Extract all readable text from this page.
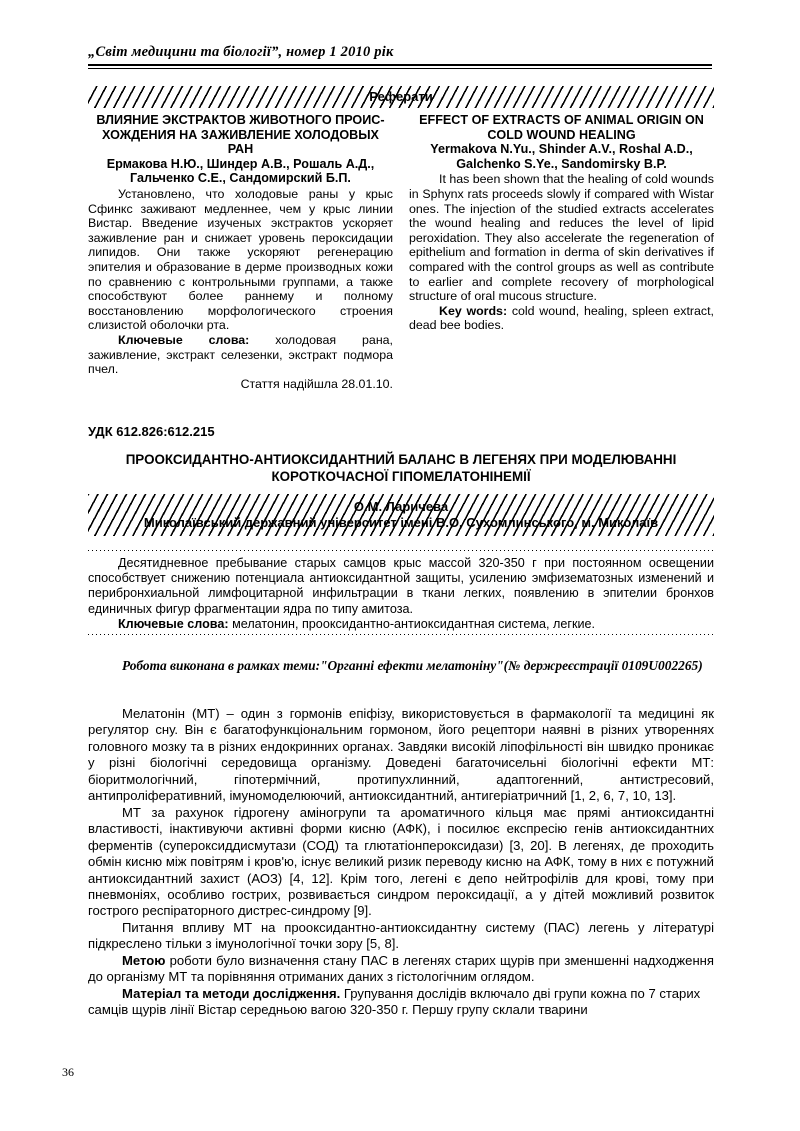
„Світ медицини та біології”, номер 1 2010 рік
Реферати
ВЛИЯНИЕ ЭКСТРАКТОВ ЖИВОТНОГО ПРОИС-ХОЖДЕНИЯ НА ЗАЖИВЛЕНИЕ ХОЛОДОВЫХ РАН
Ермакова Н.Ю., Шиндер А.В., Рошаль А.Д., Гальченко С.Е., Сандомирский Б.П.
Установлено, что холодовые раны у крыс Сфинкс заживают медленнее, чем у крыс линии Вистар. Введение изученых экстрактов ускоряет заживление ран и снижает уровень пероксидации липидов. Они также ускоряют регенерацию эпителия и образование в дерме производных кожи по сравнению с контрольными группами, а также способствуют более раннему и полному восстановлению морфологического строения слизистой оболочки рта.
Ключевые слова: холодовая рана, заживление, экстракт селезенки, экстракт подмора пчел.
Стаття надійшла 28.01.10.
EFFECT OF EXTRACTS OF ANIMAL ORIGIN ON COLD WOUND HEALING
Yermakova N.Yu., Shinder A.V., Roshal A.D., Galchenko S.Ye., Sandomirsky B.P.
It has been shown that the healing of cold wounds in Sphynx rats proceeds slowly if compared with Wistar ones. The injection of the studied extracts accelerates the wound healing and reduces the level of lipid peroxidation. They also accelerate the regeneration of epithelium and formation in derma of skin derivatives if compared with the control groups as well as contribute to earlier and complete recovery of morphological structure of oral mucous structure.
Key words: cold wound, healing, spleen extract, dead bee bodies.
УДК 612.826:612.215
ПРООКСИДАНТНО-АНТИОКСИДАНТНИЙ БАЛАНС В ЛЕГЕНЯХ ПРИ МОДЕЛЮВАННІ КОРОТКОЧАСНОЇ ГІПОМЕЛАТОНІНЕМІЇ
О.М. Ларичева
Миколаївський державний університет імені В.О. Сухомлинського, м. Миколаїв

Десятидневное пребывание старых самцов крыс массой 320-350 г при постоянном освещении способствует снижению потенциала антиоксидантной защиты, усилению эмфизематозных изменений и перибронхиальной лимфоцитарной инфильтрации в ткани легких, появлению в эпителии бронхов единичных фигур фрагментации ядра по типу амитоза.

Ключевые слова: мелатонин, прооксидантно-антиоксидантная система, легкие.

Робота виконана в рамках теми:"Органні ефекти мелатоніну"(№ держреєстрації 0109U002265)

Мелатонін (МТ) – один з гормонів епіфізу, використовується в фармакології та медицині як регулятор сну. Він є багатофункціональним гормоном, його рецептори наявні в різних утвореннях головного мозку та в різних ендокринних органах. Завдяки високій ліпофільності він швидко проникає у різні біологічні середовища організму. Доведені багаточисельні біологічні ефекти МТ: біоритмологічний, гіпотермічний, протипухлинний, адаптогенний, антистресовий, антипроліферативний, імуномоделюючий, антиоксидантний, антигеріатричний [1, 2, 6, 7, 10, 13].

МТ за рахунок гідрогену аміногрупи та ароматичного кільця має прямі антиоксидантні властивості, інактивуючи активні форми кисню (АФК), і посилює експресію генів антиоксидантних ферментів (супероксиддисмутази (СОД) та глютатіонпероксидази) [3, 20]. В легенях, де проходить обмін кисню між повітрям і кров'ю, існує великий ризик переводу кисню на АФК, тому в них є потужний антиоксидантний захист (АОЗ) [4, 12]. Крім того, легені є депо нейтрофілів для крові, тому при пневмоніях, особливо гострих, розвивається синдром пероксидації, а у дітей можливий розвиток гострого респіраторного дистрес-синдрому [9].

Питання впливу МТ на прооксидантно-антиоксидантну систему (ПАС) легень у літературі підкреслено тільки з імунологічної точки зору [5, 8].

Метою роботи було визначення стану ПАС в легенях старих щурів при зменшенні надходження до організму МТ та порівняння отриманих даних з гістологічним оглядом.

Матеріал та методи дослідження. Групування дослідів включало дві групи кожна по 7 старих самців щурів лінії Вістар середньою вагою 320-350 г. Першу групу склали тварини

36
